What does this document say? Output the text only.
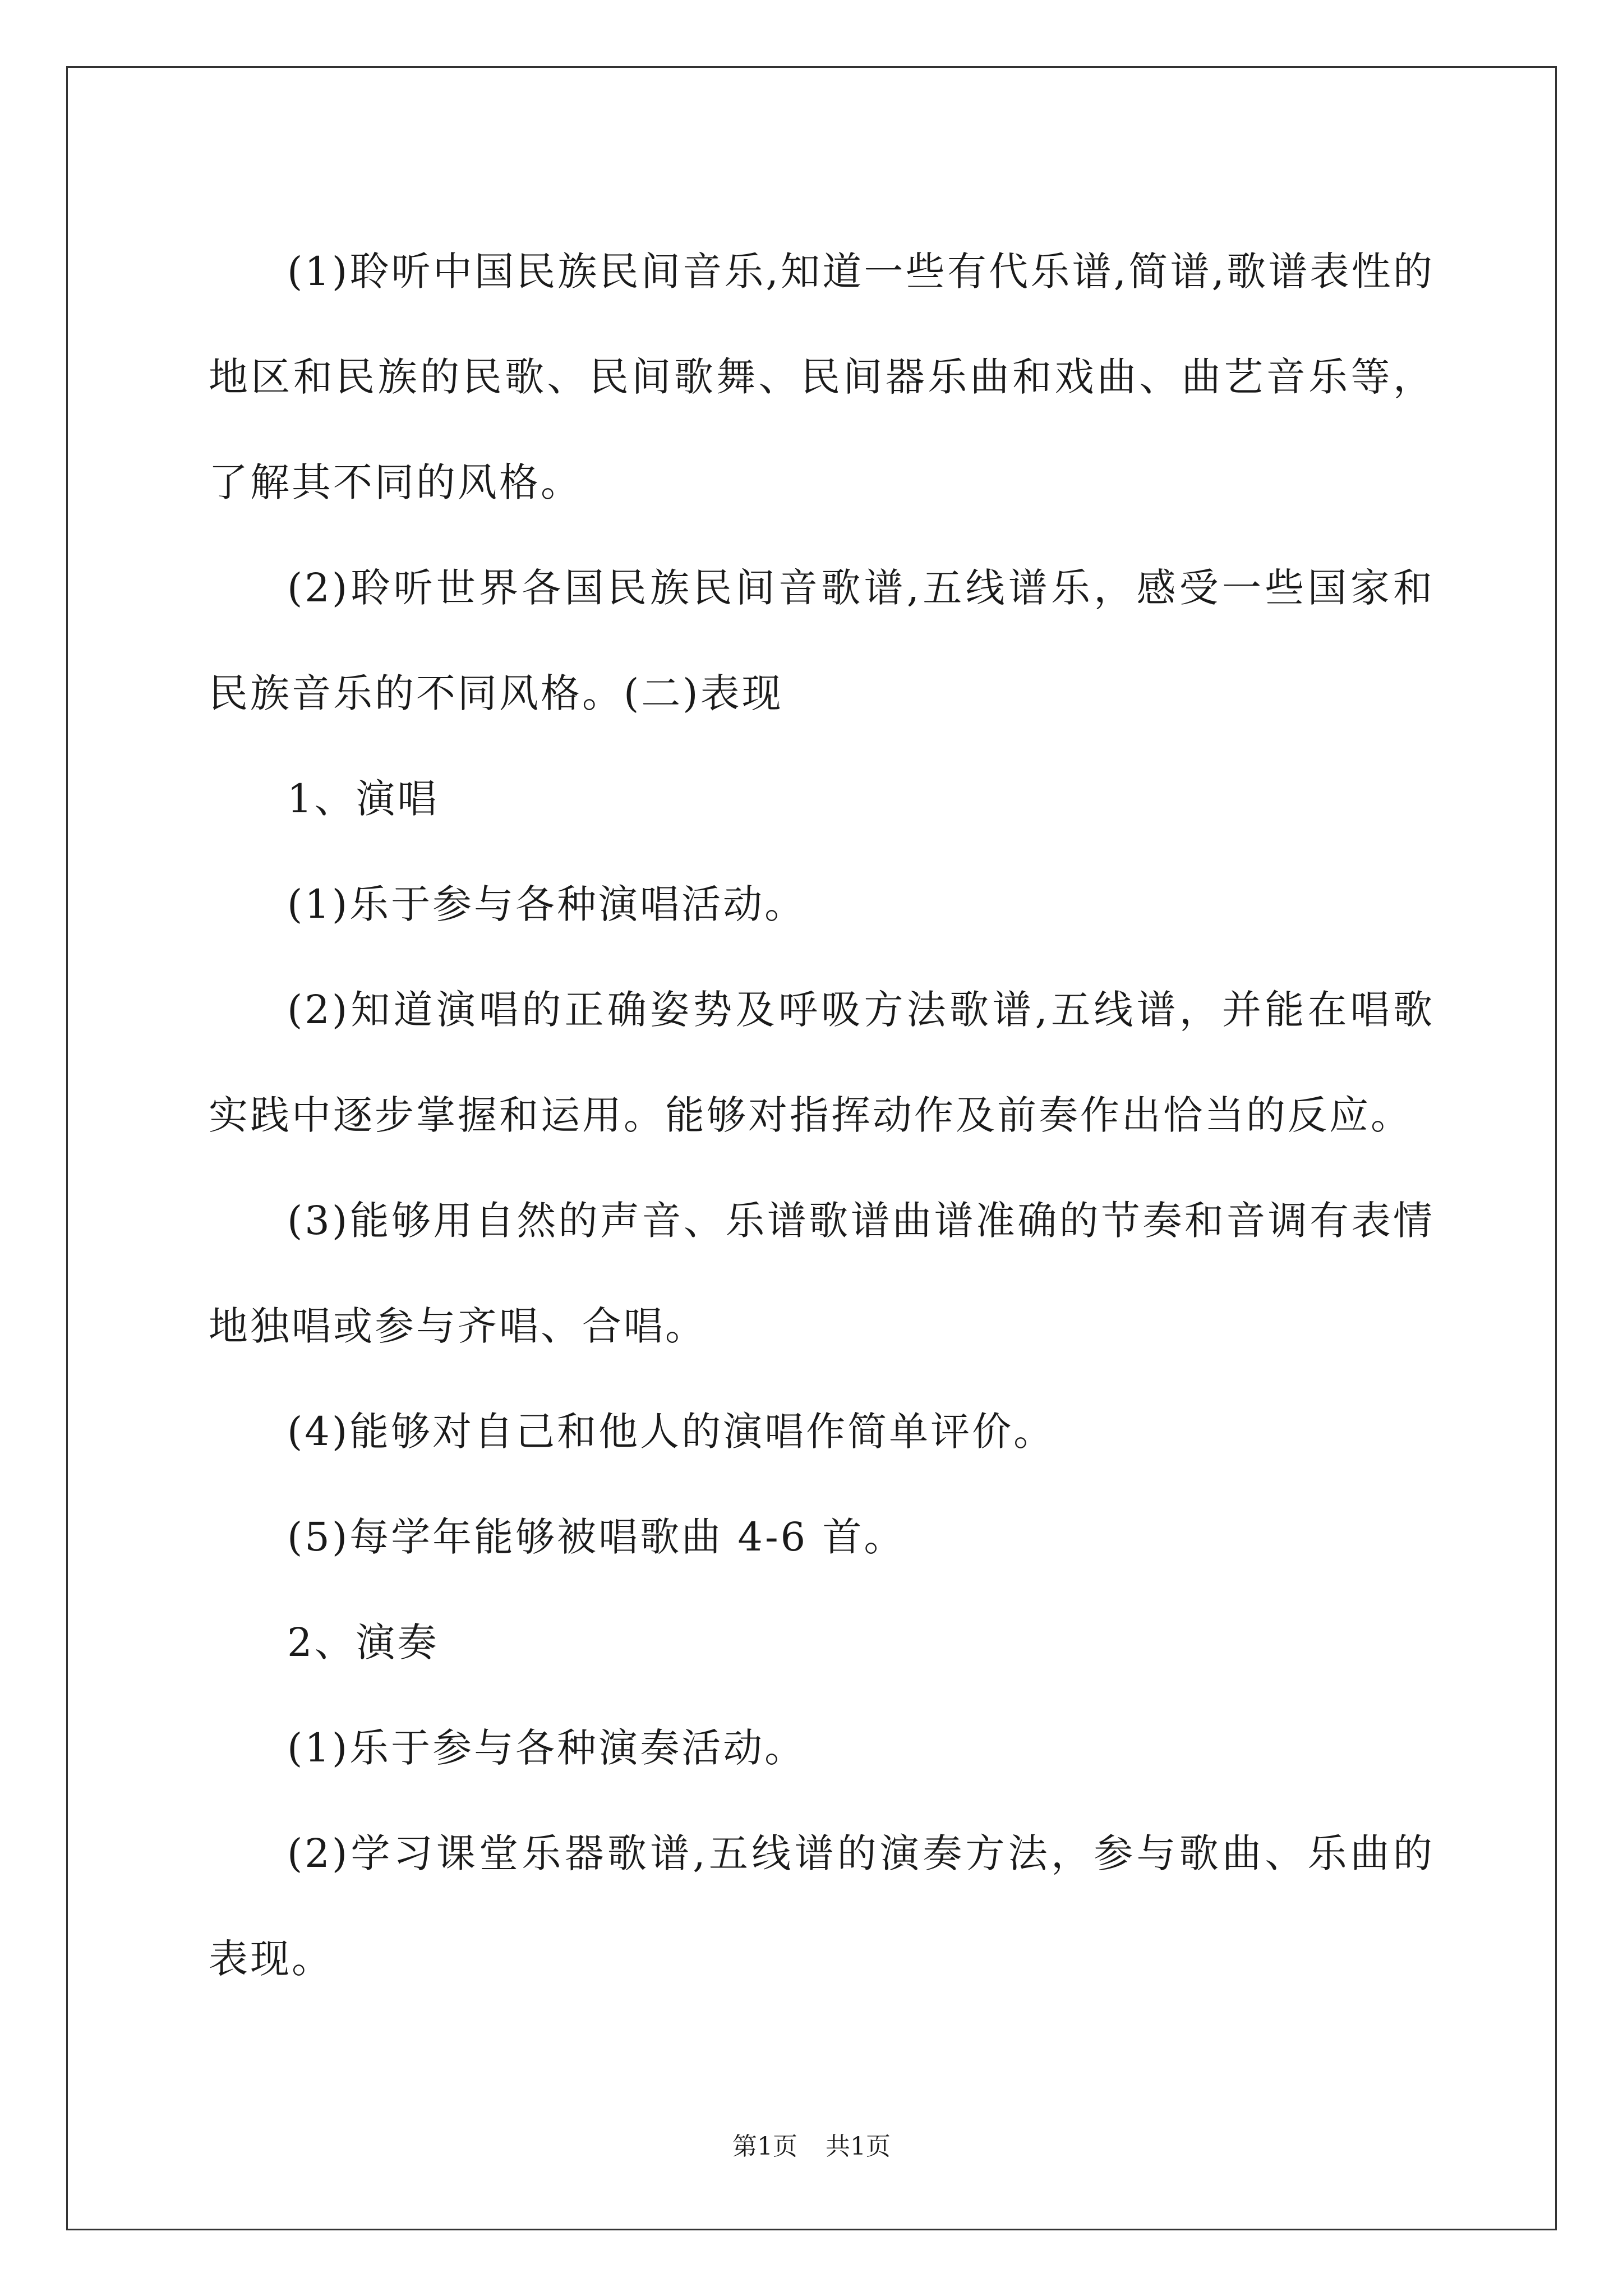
(1)聆听中国民族民间音乐,知道一些有代乐谱,简谱,歌谱表性的地区和民族的民歌、民间歌舞、民间器乐曲和戏曲、曲艺音乐等，了解其不同的风格。

(2)聆听世界各国民族民间音歌谱,五线谱乐，感受一些国家和民族音乐的不同风格。(二)表现

1、演唱

(1)乐于参与各种演唱活动。

(2)知道演唱的正确姿势及呼吸方法歌谱,五线谱，并能在唱歌实践中逐步掌握和运用。能够对指挥动作及前奏作出恰当的反应。

(3)能够用自然的声音、乐谱歌谱曲谱准确的节奏和音调有表情地独唱或参与齐唱、合唱。

(4)能够对自己和他人的演唱作简单评价。

(5)每学年能够被唱歌曲 4-6 首。

2、演奏

(1)乐于参与各种演奏活动。

(2)学习课堂乐器歌谱,五线谱的演奏方法，参与歌曲、乐曲的表现。

第1页 共1页
